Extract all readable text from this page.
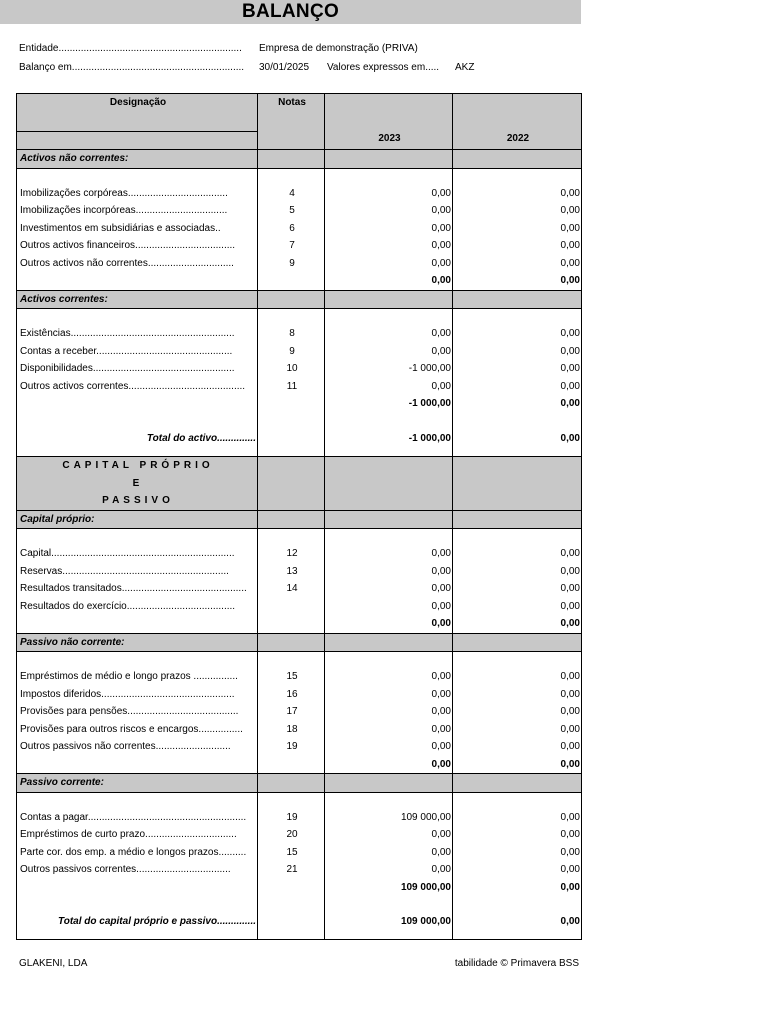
BALANÇO
Entidade.................................................................. Empresa de demonstração (PRIVA)
Balanço em.............................................................. 30/01/2025 Valores expressos em..... AKZ
Designação	Notas	2023	2022

Activos não correntes:			

Imobilizações corpóreas....................................	4	0,00	0,00
Imobilizações incorpóreas.................................	5	0,00	0,00
Investimentos em subsidiárias e associadas..	6	0,00	0,00
Outros activos financeiros....................................	7	0,00	0,00
Outros activos não correntes...............................	9	0,00	0,00
		0,00	0,00
Activos correntes:			

Existências...........................................................	8	0,00	0,00
Contas a receber.................................................	9	0,00	0,00
Disponibilidades...................................................	10	-1 000,00	0,00
Outros activos correntes..........................................	11	0,00	0,00
		-1 000,00	0,00

Total do activo..............		-1 000,00	0,00

CAPITAL PRÓPRIO			
E			
PASSIVO			
Capital próprio:			

Capital..................................................................	12	0,00	0,00
Reservas............................................................	13	0,00	0,00
Resultados transitados.............................................	14	0,00	0,00
Resultados do exercício.......................................		0,00	0,00
		0,00	0,00
Passivo não corrente:			

Empréstimos de médio e longo prazos ................	15	0,00	0,00
Impostos diferidos................................................	16	0,00	0,00
Provisões para pensões........................................	17	0,00	0,00
Provisões para outros riscos e encargos................	18	0,00	0,00
Outros passivos não correntes...........................	19	0,00	0,00
		0,00	0,00
Passivo corrente:			

Contas a pagar.........................................................	19	109 000,00	0,00
Empréstimos de curto prazo.................................	20	0,00	0,00
Parte cor. dos emp. a médio e longos prazos..........	15	0,00	0,00
Outros passivos correntes..................................	21	0,00	0,00
		109 000,00	0,00

Total do capital próprio e passivo..............		109 000,00	0,00

GLAKENI, LDA	tabilidade © Primavera BSS
